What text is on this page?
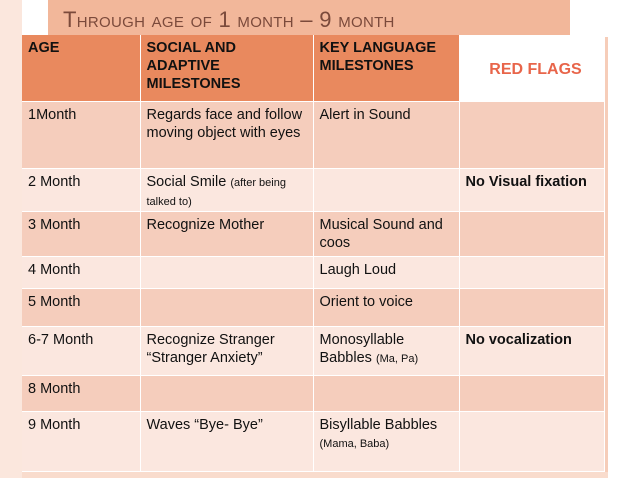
Through age of 1 month – 9 month
AGE	SOCIAL AND ADAPTIVE MILESTONES	KEY LANGUAGE MILESTONES	RED FLAGS
1Month	Regards face and follow moving object with eyes	Alert in Sound	
2 Month	Social Smile (after being talked to)		No Visual fixation
3 Month	Recognize Mother	Musical Sound and coos	
4 Month		Laugh Loud	
5 Month		Orient to voice	
6-7 Month	Recognize Stranger “Stranger Anxiety”	Monosyllable Babbles (Ma, Pa)	No vocalization
8 Month			
9 Month	Waves “Bye- Bye”	Bisyllable Babbles (Mama, Baba)	
